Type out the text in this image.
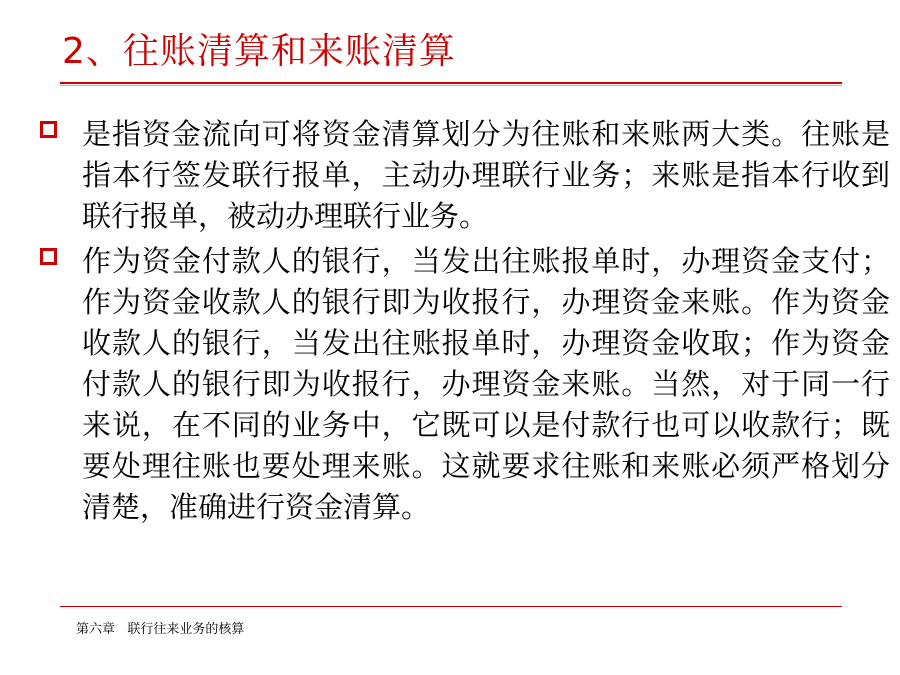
2、往账清算和来账清算
是指资金流向可将资金清算划分为往账和来账两大类。往账是指本行签发联行报单，主动办理联行业务；来账是指本行收到联行报单，被动办理联行业务。
作为资金付款人的银行，当发出往账报单时，办理资金支付；作为资金收款人的银行即为收报行，办理资金来账。作为资金收款人的银行，当发出往账报单时，办理资金收取；作为资金付款人的银行即为收报行，办理资金来账。当然，对于同一行来说，在不同的业务中，它既可以是付款行也可以收款行；既要处理往账也要处理来账。这就要求往账和来账必须严格划分清楚，准确进行资金清算。
第六章   联行往来业务的核算
